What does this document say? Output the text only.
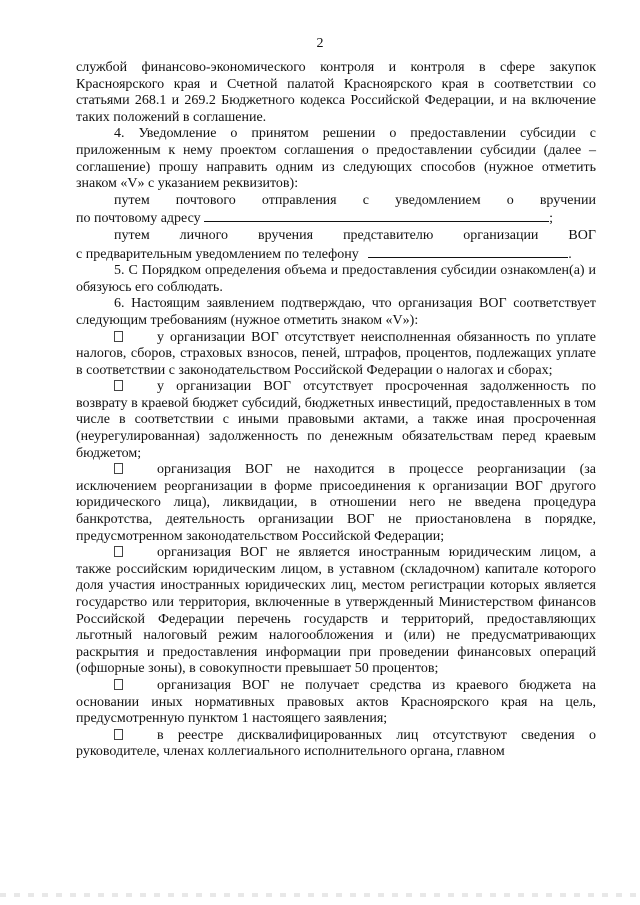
2

службой финансово-экономического контроля и контроля в сфере закупок Красноярского края и Счетной палатой Красноярского края в соответствии со статьями 268.1 и 269.2 Бюджетного кодекса Российской Федерации, и на включение таких положений в соглашение.

4. Уведомление о принятом решении о предоставлении субсидии с приложенным к нему проектом соглашения о предоставлении субсидии (далее – соглашение) прошу направить одним из следующих способов (нужное отметить знаком «V» с указанием реквизитов):

путем почтового отправления с уведомлением о вручении
по почтовому адресу	;
путем личного вручения представителю организации ВОГ
с предварительным уведомлением по телефону	.

5. С Порядком определения объема и предоставления субсидии ознакомлен(а) и обязуюсь его соблюдать.

6. Настоящим заявлением подтверждаю, что организация ВОГ соответствует следующим требованиям (нужное отметить знаком «V»):

у организации ВОГ отсутствует неисполненная обязанность по уплате налогов, сборов, страховых взносов, пеней, штрафов, процентов, подлежащих уплате в соответствии с законодательством Российской Федерации о налогах и сборах;

у организации ВОГ отсутствует просроченная задолженность по возврату в краевой бюджет субсидий, бюджетных инвестиций, предоставленных в том числе в соответствии с иными правовыми актами, а также иная просроченная (неурегулированная) задолженность по денежным обязательствам перед краевым бюджетом;

организация ВОГ не находится в процессе реорганизации (за исключением реорганизации в форме присоединения к организации ВОГ другого юридического лица), ликвидации, в отношении него не введена процедура банкротства, деятельность организации ВОГ не приостановлена в порядке, предусмотренном законодательством Российской Федерации;

организация ВОГ не является иностранным юридическим лицом, а также российским юридическим лицом, в уставном (складочном) капитале которого доля участия иностранных юридических лиц, местом регистрации которых является государство или территория, включенные в утвержденный Министерством финансов Российской Федерации перечень государств и территорий, предоставляющих льготный налоговый режим налогообложения и (или) не предусматривающих раскрытия и предоставления информации при проведении финансовых операций (офшорные зоны), в совокупности превышает 50 процентов;

организация ВОГ не получает средства из краевого бюджета на основании иных нормативных правовых актов Красноярского края на цель, предусмотренную пунктом 1 настоящего заявления;

в реестре дисквалифицированных лиц отсутствуют сведения о руководителе, членах коллегиального исполнительного органа, главном
